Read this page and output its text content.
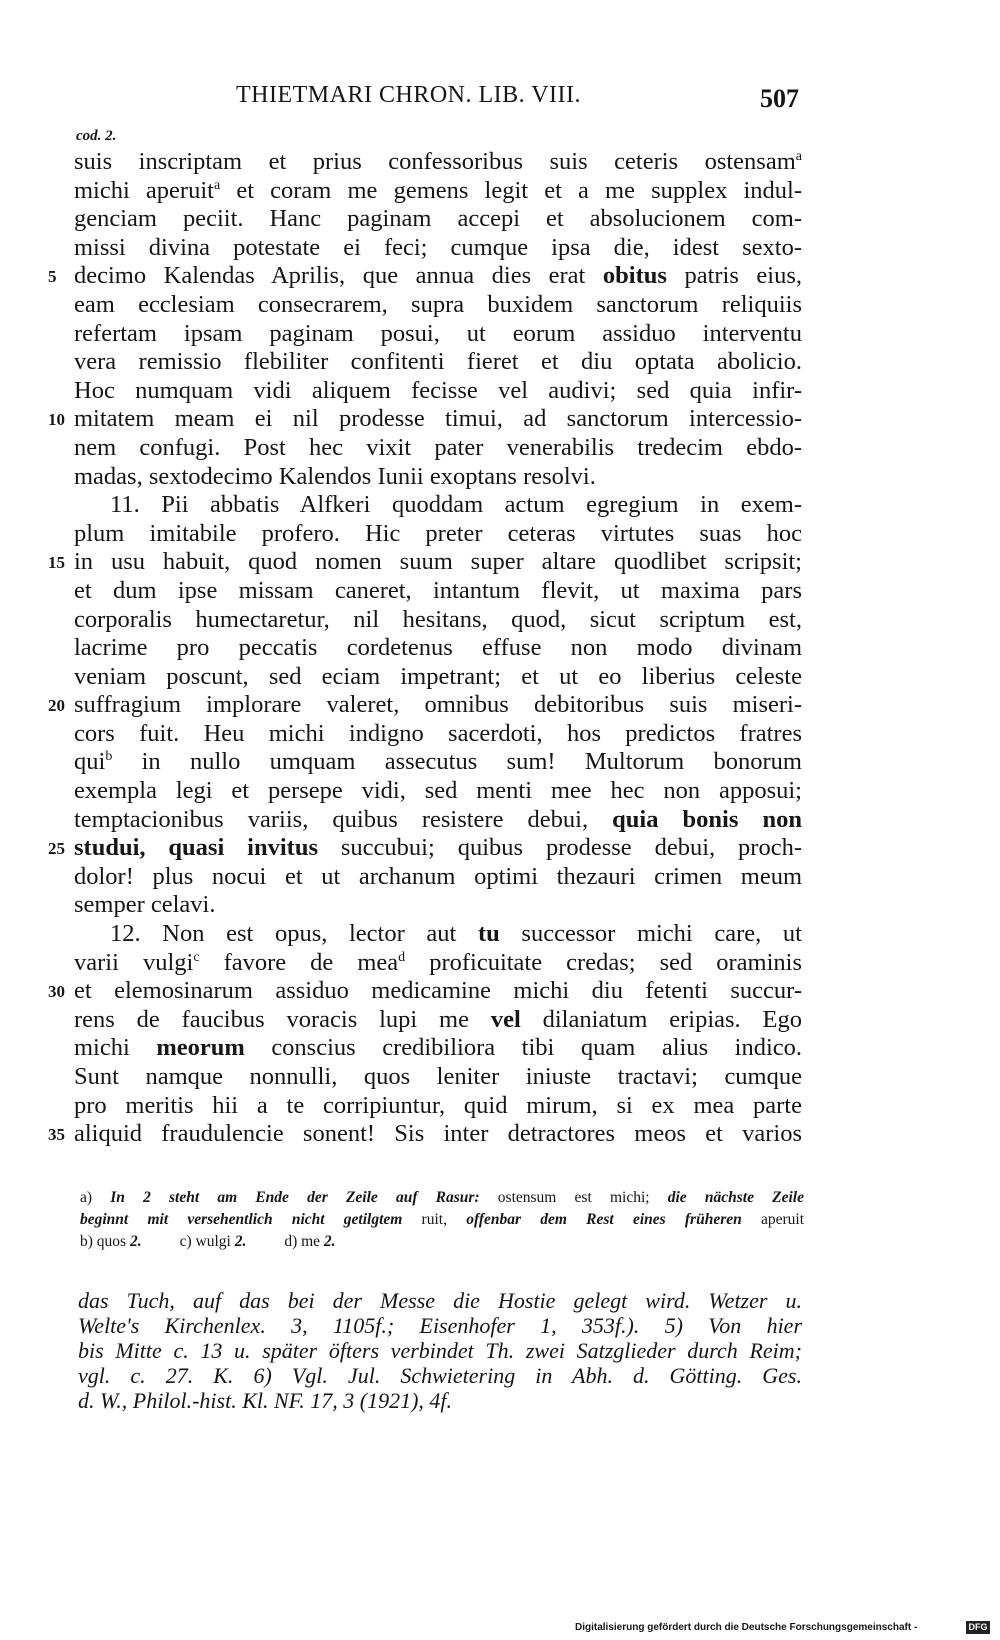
THIETMARI CHRON. LIB. VIII.	507
cod. 2.
suis inscriptam et prius confessoribus suis ceteris ostensam$^a$
michi aperuit$^a$ et coram me gemens legit et a me supplex indul-
genciam peciit. Hanc paginam accepi et absolucionem com-
missi divina potestate ei feci; cumque ipsa die, idest sexto-
5 decimo Kalendas Aprilis, que annua dies erat obitus patris eius,
eam ecclesiam consecrarem, supra buxidem sanctorum reliquiis
refertam ipsam paginam posui, ut eorum assiduo interventu
vera remissio flebiliter confitenti fieret et diu optata abolicio.
Hoc numquam vidi aliquem fecisse vel audivi; sed quia infir-
10 mitatem meam ei nil prodesse timui, ad sanctorum intercessio-
nem confugi. Post hec vixit pater venerabilis tredecim ebdo-
madas, sextodecimo Kalendos Iunii exoptans resolvi.
11. Pii abbatis Alfkeri quoddam actum egregium in exem-
plum imitabile profero. Hic preter ceteras virtutes suas hoc
15 in usu habuit, quod nomen suum super altare quodlibet scripsit;
et dum ipse missam caneret, intantum flevit, ut maxima pars
corporalis humectaretur, nil hesitans, quod, sicut scriptum est,
lacrime pro peccatis cordetenus effuse non modo divinam
veniam poscunt, sed eciam impetrant; et ut eo liberius celeste
20 suffragium implorare valeret, omnibus debitoribus suis miseri-
cors fuit. Heu michi indigno sacerdoti, hos predictos fratres
qui$^b$ in nullo umquam assecutus sum! Multorum bonorum
exempla legi et persepe vidi, sed menti mee hec non apposui;
temptacionibus variis, quibus resistere debui, quia bonis non
25 studui, quasi invitus succubui; quibus prodesse debui, proch-
dolor! plus nocui et ut archanum optimi thezauri crimen meum
semper celavi.
12. Non est opus, lector aut tu successor michi care, ut
varii vulgi$^c$ favore de mea$^d$ proficuitate credas; sed oraminis
30 et elemosinarum assiduo medicamine michi diu fetenti succur-
rens de faucibus voracis lupi me vel dilaniatum eripias. Ego
michi meorum conscius credibiliora tibi quam alius indico.
Sunt namque nonnulli, quos leniter iniuste tractavi; cumque
pro meritis hii a te corripiuntur, quid mirum, si ex mea parte
35 aliquid fraudulencie sonent! Sis inter detractores meos et varios
a) In 2 steht am Ende der Zeile auf Rasur: ostensum est michi; die nächste Zeile
beginnt mit versehentlich nicht getilgtem ruit, offenbar dem Rest eines früheren aperuit
b) quos 2. c) wulgi 2. d) me 2.
das Tuch, auf das bei der Messe die Hostie gelegt wird. Wetzer u.
Welte's Kirchenlex. 3, 1105f.; Eisenhofer 1, 353f.). 5) Von hier
bis Mitte c. 13 u. später öfters verbindet Th. zwei Satzglieder durch Reim;
vgl. c. 27. K. 6) Vgl. Jul. Schwietering in Abh. d. Götting. Ges.
d. W., Philol.-hist. Kl. NF. 17, 3 (1921), 4f.
Digitalisierung gefördert durch die Deutsche Forschungsgemeinschaft -	DFG
